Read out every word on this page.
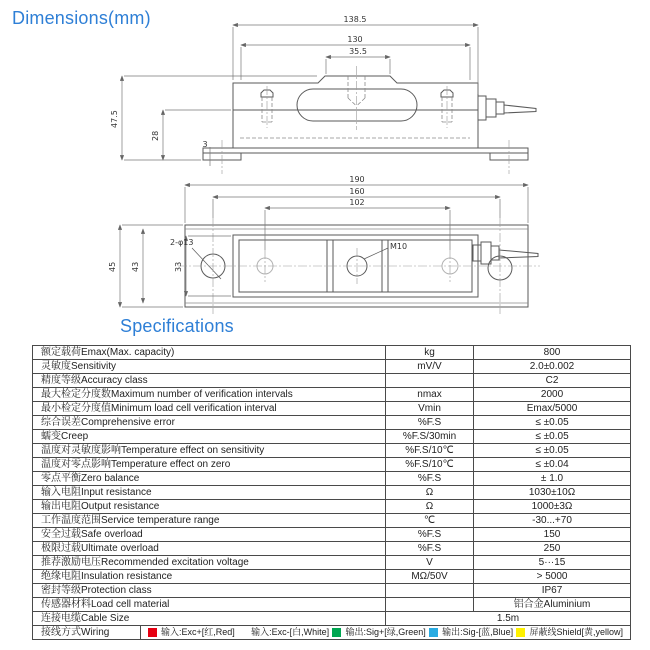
Dimensions(mm)	138.5
130
35.5
47.5
28
3
190
160
102
45 43	33
2-φ13	M10
Specifications
额定载荷Emax(Max. capacity)		kg	800
灵敏度Sensitivity		mV/V	2.0±0.002
精度等级Accuracy class			C2
最大检定分度数Maximum number of verification intervals		nmax	2000
最小检定分度值Minimum load cell verification interval		Vmin	Emax/5000
综合误差Comprehensive error		%F.S	≤ ±0.05
蠕变Creep		%F.S/30min	≤ ±0.05
温度对灵敏度影响Temperature effect on sensitivity		%F.S/10℃	≤ ±0.05
温度对零点影响Temperature effect on zero		%F.S/10℃	≤ ±0.04
零点平衡Zero balance		%F.S	± 1.0
输入电阻Input resistance		Ω	1030±10Ω
输出电阻Output resistance		Ω	1000±3Ω
工作温度范围Service temperature range		℃	-30...+70
安全过载Safe overload		%F.S	150
极限过载Ultimate overload		%F.S	250
推荐激励电压Recommended excitation voltage		V	5···15
绝缘电阻Insulation resistance		MΩ/50V	> 5000
密封等级Protection class			IP67
传感器材料Load cell material			铝合金Aluminium
连接电缆Cable Size		1.5m	
接线方式Wiring	输入:Exc+[红,Red] 输入:Exc-[白,White] 输出:Sig+[绿,Green] 输出:Sig-[蓝,Blue] 屏蔽线Shield[黄,yellow]		
